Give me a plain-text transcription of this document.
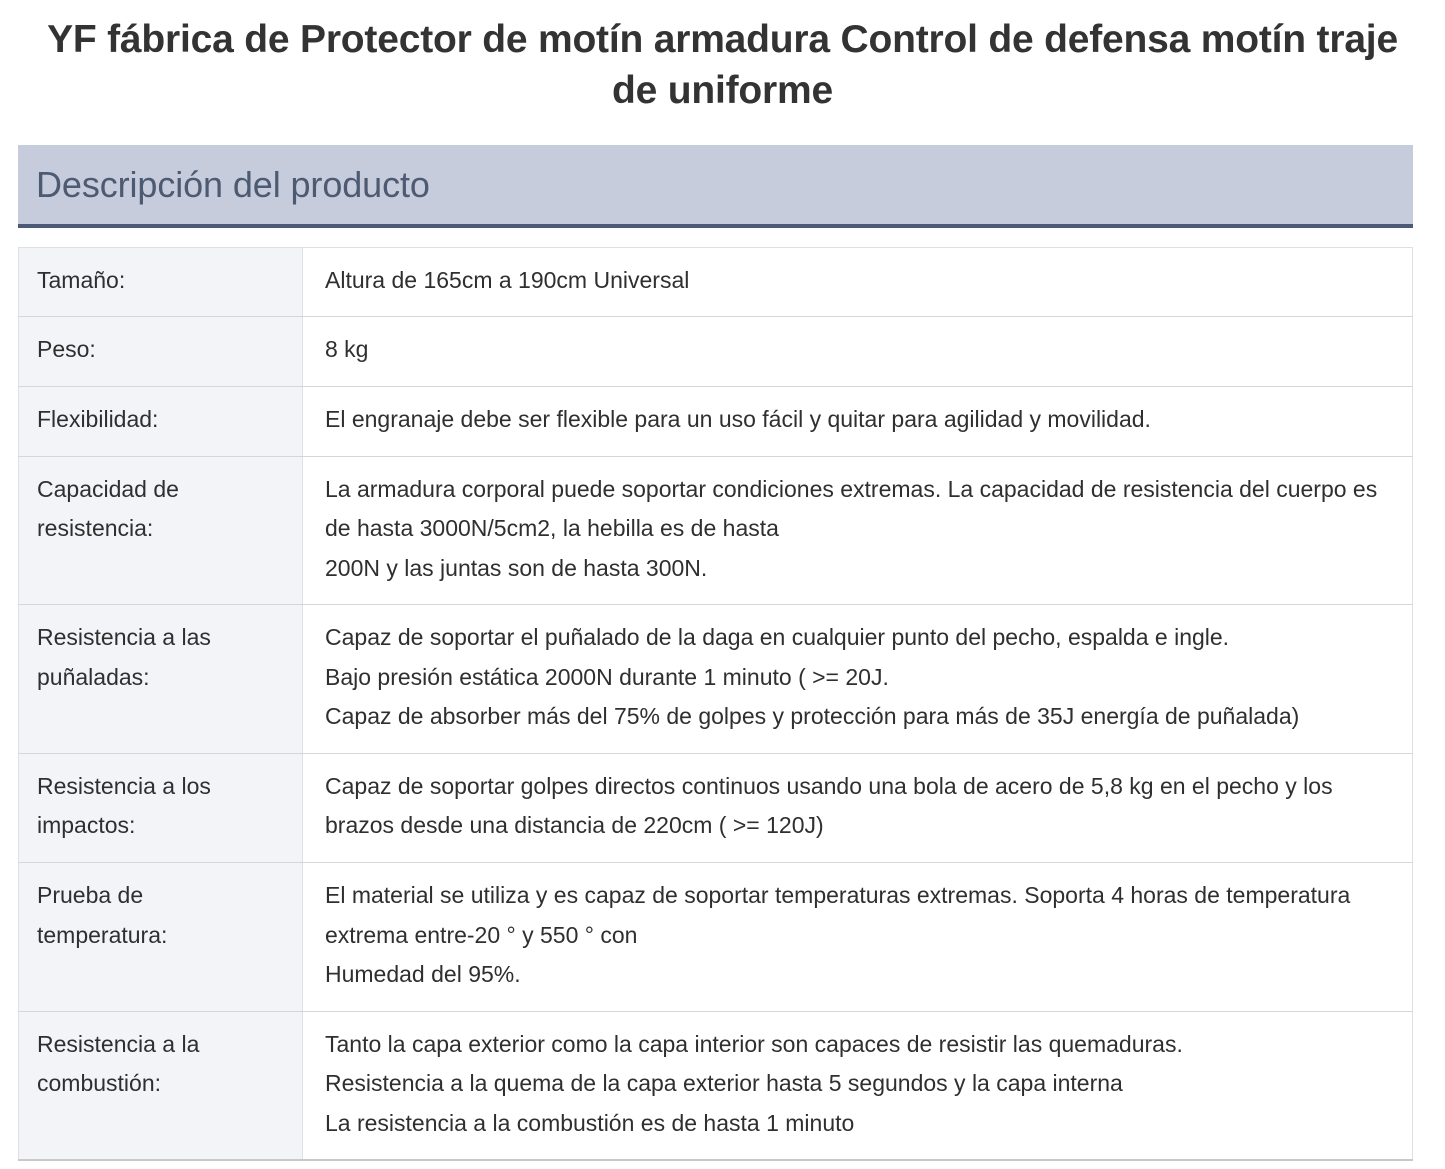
YF fábrica de Protector de motín armadura Control de defensa motín traje de uniforme
Descripción del producto
Tamaño:	Altura de 165cm a 190cm Universal

Peso:	8 kg

Flexibilidad:	El engranaje debe ser flexible para un uso fácil y quitar para agilidad y movilidad.

Capacidad de
resistencia:	La armadura corporal puede soportar condiciones extremas. La capacidad de resistencia del cuerpo es de hasta 3000N/5cm2, la hebilla es de hasta
200N y las juntas son de hasta 300N.

Resistencia a las
puñaladas:	Capaz de soportar el puñalado de la daga en cualquier punto del pecho, espalda e ingle.
Bajo presión estática 2000N durante 1 minuto ( >= 20J.
Capaz de absorber más del 75% de golpes y protección para más de 35J energía de puñalada)

Resistencia a los
impactos:	Capaz de soportar golpes directos continuos usando una bola de acero de 5,8 kg en el pecho y los brazos desde una distancia de 220cm ( >= 120J)

Prueba de
temperatura:	El material se utiliza y es capaz de soportar temperaturas extremas. Soporta 4 horas de temperatura extrema entre-20 ° y 550 ° con
Humedad del 95%.

Resistencia a la
combustión:	Tanto la capa exterior como la capa interior son capaces de resistir las quemaduras.
Resistencia a la quema de la capa exterior hasta 5 segundos y la capa interna
La resistencia a la combustión es de hasta 1 minuto
